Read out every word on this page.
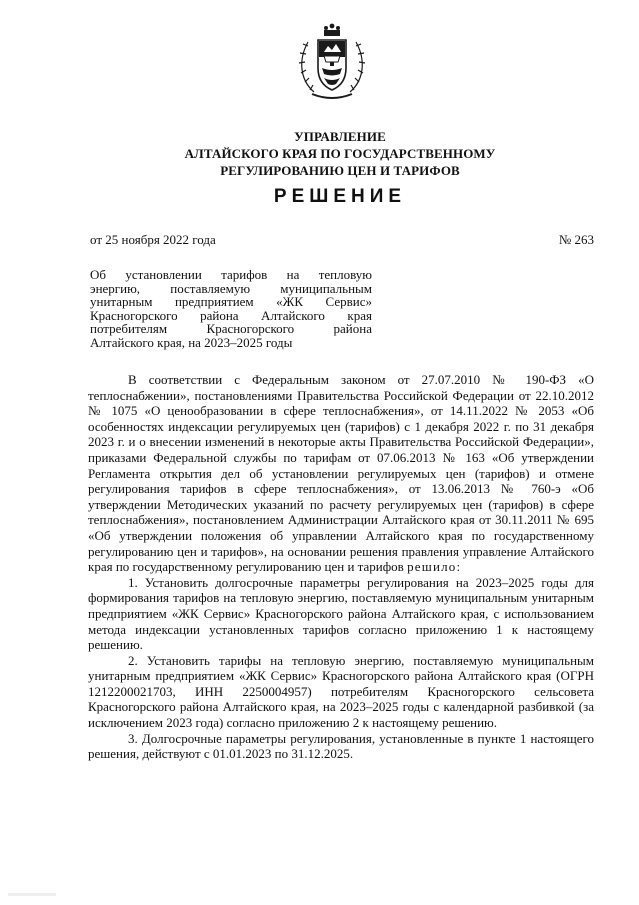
УПРАВЛЕНИЕ
АЛТАЙСКОГО КРАЯ ПО ГОСУДАРСТВЕННОМУ
РЕГУЛИРОВАНИЮ ЦЕН И ТАРИФОВ
РЕШЕНИЕ
от 25 ноября 2022 года	№ 263
Об установлении тарифов на тепловую
энергию, поставляемую муниципальным
унитарным предприятием «ЖК Сервис»
Красногорского района Алтайского края
потребителям Красногорского района
Алтайского края, на 2023–2025 годы

В соответствии с Федеральным законом от 27.07.2010 № 190-ФЗ «О теплоснабжении», постановлениями Правительства Российской Федерации от 22.10.2012 № 1075 «О ценообразовании в сфере теплоснабжения», от 14.11.2022 № 2053 «Об особенностях индексации регулируемых цен (тарифов) с 1 декабря 2022 г. по 31 декабря 2023 г. и о внесении изменений в некоторые акты Правительства Российской Федерации», приказами Федеральной службы по тарифам от 07.06.2013 № 163 «Об утверждении Регламента открытия дел об установлении регулируемых цен (тарифов) и отмене регулирования тарифов в сфере теплоснабжения», от 13.06.2013 № 760-э «Об утверждении Методических указаний по расчету регулируемых цен (тарифов) в сфере теплоснабжения», постановлением Администрации Алтайского края от 30.11.2011 № 695 «Об утверждении положения об управлении Алтайского края по государственному регулированию цен и тарифов», на основании решения правления управление Алтайского края по государственному регулированию цен и тарифов решило:

1. Установить долгосрочные параметры регулирования на 2023–2025 годы для формирования тарифов на тепловую энергию, поставляемую муниципальным унитарным предприятием «ЖК Сервис» Красногорского района Алтайского края, с использованием метода индексации установленных тарифов согласно приложению 1 к настоящему решению.

2. Установить тарифы на тепловую энергию, поставляемую муниципальным унитарным предприятием «ЖК Сервис» Красногорского района Алтайского края (ОГРН 1212200021703, ИНН 2250004957) потребителям Красногорского сельсовета Красногорского района Алтайского края, на 2023–2025 годы с календарной разбивкой (за исключением 2023 года) согласно приложению 2 к настоящему решению.

3. Долгосрочные параметры регулирования, установленные в пункте 1 настоящего решения, действуют с 01.01.2023 по 31.12.2025.
